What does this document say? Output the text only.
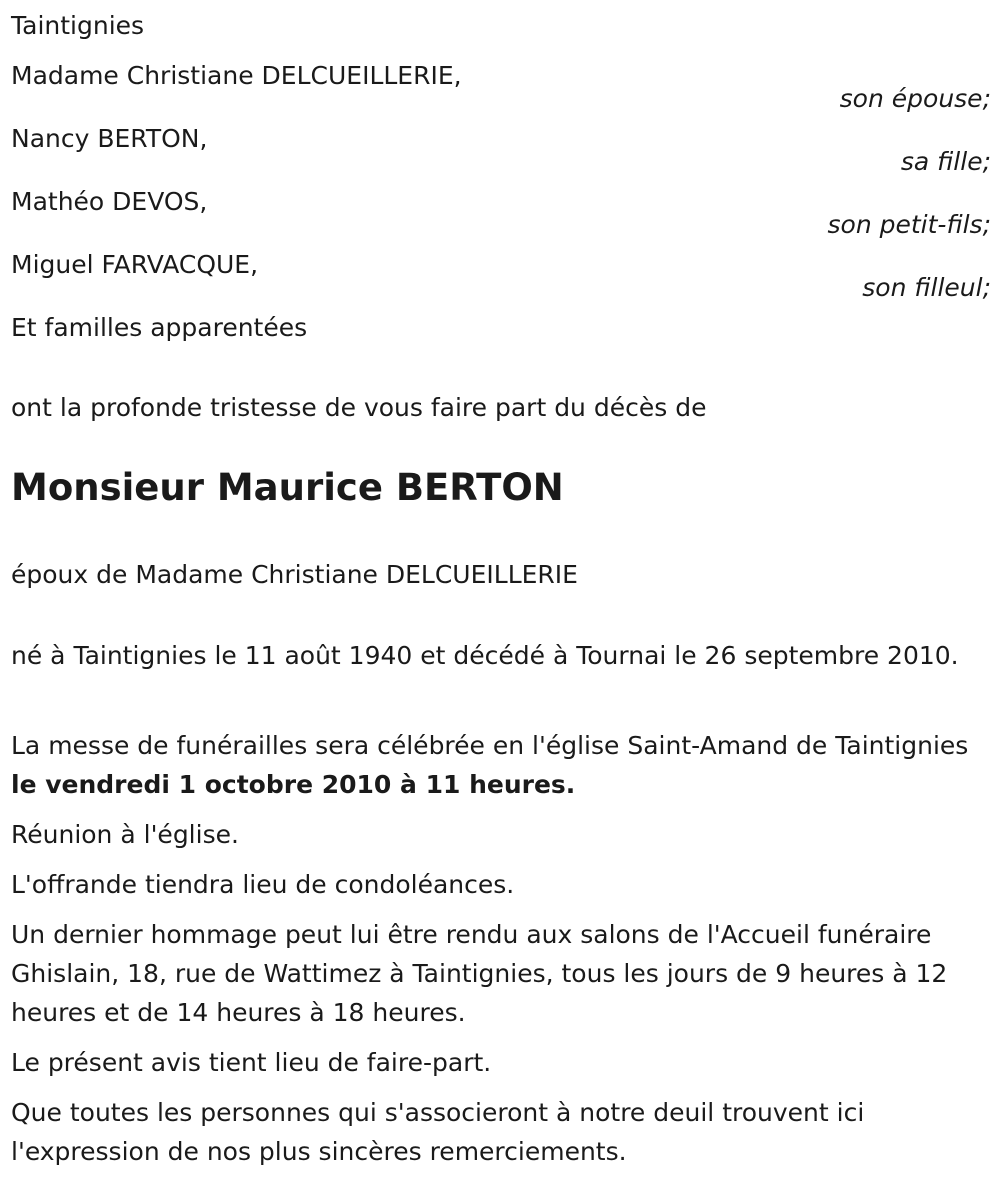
Taintignies
Madame Christiane DELCUEILLERIE,
son épouse;
Nancy BERTON,
sa fille;
Mathéo DEVOS,
son petit-fils;
Miguel FARVACQUE,
son filleul;
Et familles apparentées
ont la profonde tristesse de vous faire part du décès de
Monsieur Maurice BERTON
époux de Madame Christiane DELCUEILLERIE
né à Taintignies le 11 août 1940 et décédé à Tournai le 26 septembre 2010.
La messe de funérailles sera célébrée en l'église Saint-Amand de Taintignies le vendredi 1 octobre 2010 à 11 heures.
Réunion à l'église.
L'offrande tiendra lieu de condoléances.
Un dernier hommage peut lui être rendu aux salons de l'Accueil funéraire Ghislain, 18, rue de Wattimez à Taintignies, tous les jours de 9 heures à 12 heures et de 14 heures à 18 heures.
Le présent avis tient lieu de faire-part.
Que toutes les personnes qui s'associeront à notre deuil trouvent ici l'expression de nos plus sincères remerciements.
